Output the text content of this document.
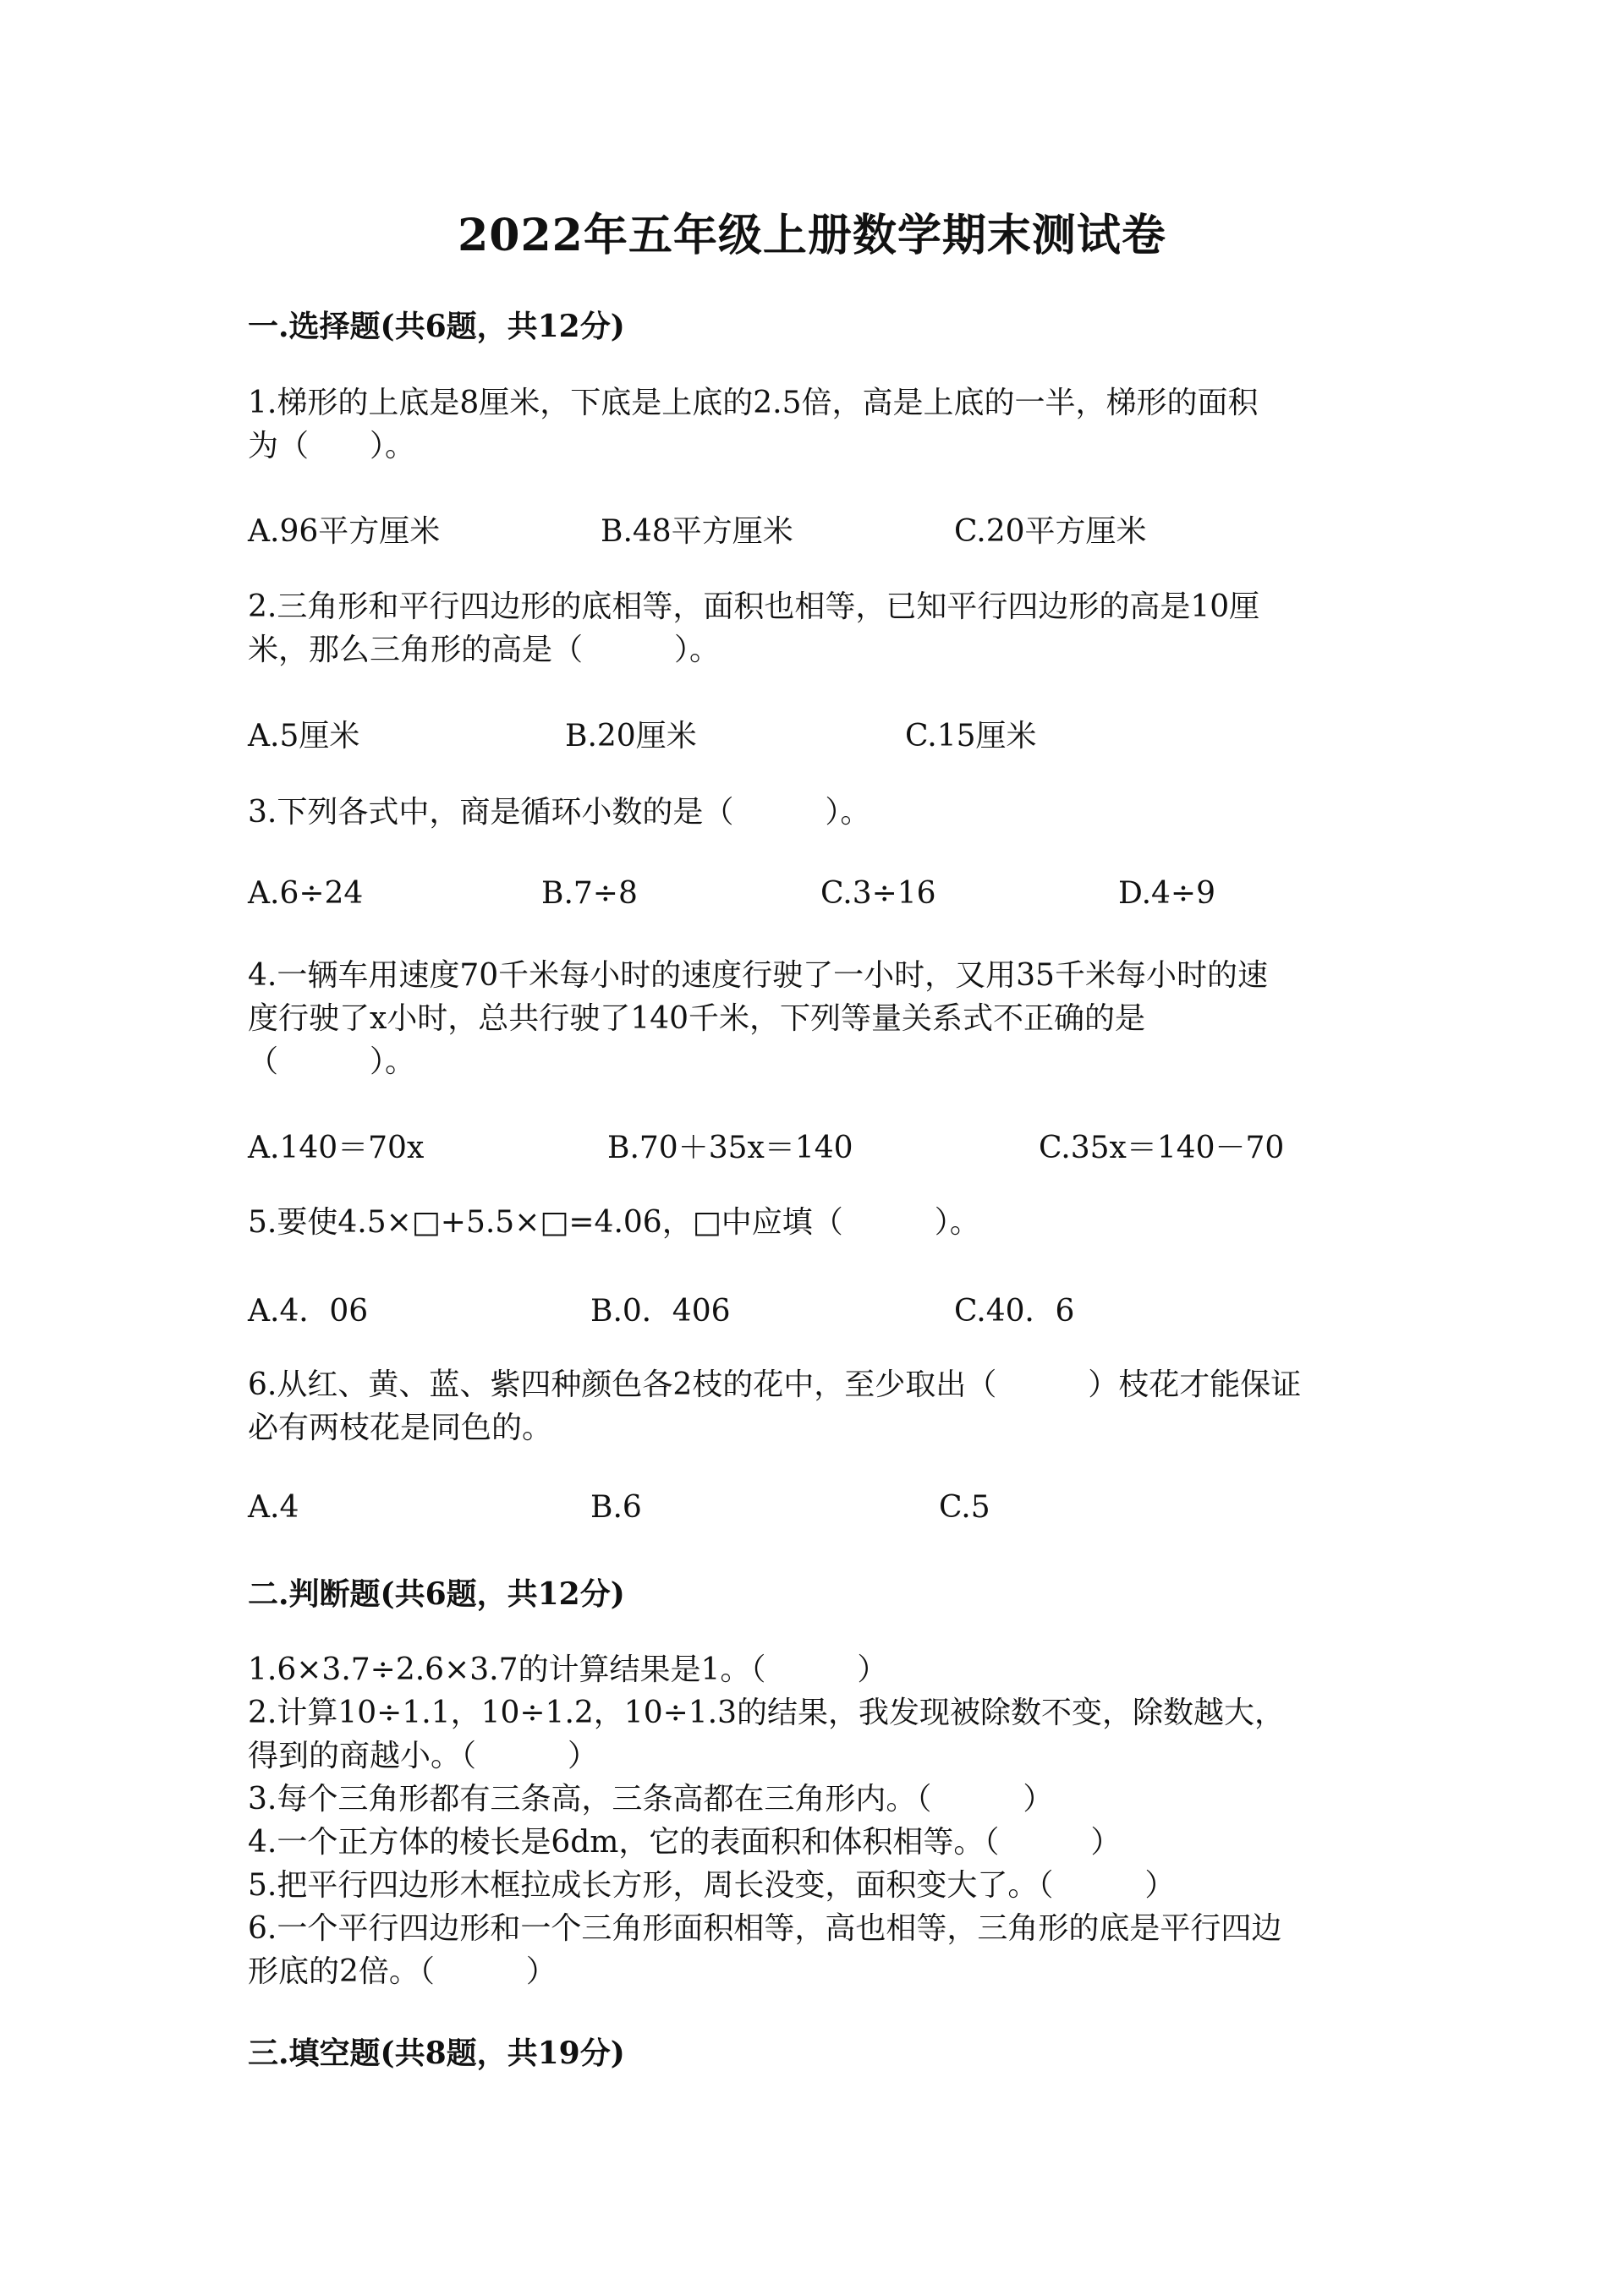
2022年五年级上册数学期末测试卷
一.选择题(共6题，共12分)
1.梯形的上底是8厘米，下底是上底的2.5倍，高是上底的一半，梯形的面积
为（　　）。
A.96平方厘米	B.48平方厘米	C.20平方厘米
2.三角形和平行四边形的底相等，面积也相等，已知平行四边形的高是10厘
米，那么三角形的高是（　　　）。
A.5厘米	B.20厘米	C.15厘米
3.下列各式中，商是循环小数的是（　　　）。
A.6÷24	B.7÷8	C.3÷16	D.4÷9
4.一辆车用速度70千米每小时的速度行驶了一小时，又用35千米每小时的速
度行驶了x小时，总共行驶了140千米，下列等量关系式不正确的是
（　　　）。
A.140＝70x	B.70＋35x＝140	C.35x＝140－70
5.要使4.5×□+5.5×□=4.06，□中应填（　　　）。
A.4．06	B.0．406	C.40．6
6.从红、黄、蓝、紫四种颜色各2枝的花中，至少取出（　　　）枝花才能保证
必有两枝花是同色的。
A.4	B.6	C.5
二.判断题(共6题，共12分)
1.6×3.7÷2.6×3.7的计算结果是1。（　　　）
2.计算10÷1.1，10÷1.2，10÷1.3的结果，我发现被除数不变，除数越大，
得到的商越小。（　　　）
3.每个三角形都有三条高，三条高都在三角形内。（　　　）
4.一个正方体的棱长是6dm，它的表面积和体积相等。（　　　）
5.把平行四边形木框拉成长方形，周长没变，面积变大了。（　　　）
6.一个平行四边形和一个三角形面积相等，高也相等，三角形的底是平行四边
形底的2倍。（　　　）
三.填空题(共8题，共19分)
